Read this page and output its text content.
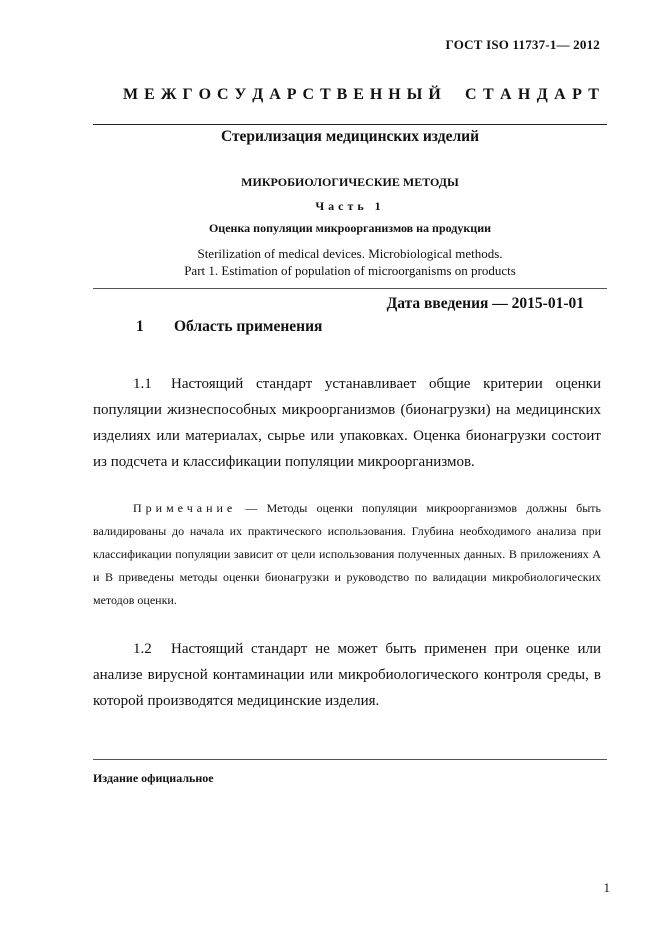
ГОСТ ISO 11737-1— 2012
М Е Ж Г О С У Д А Р С Т В Е Н Н Ы Й С Т А Н Д А Р Т
Стерилизация медицинских изделий
МИКРОБИОЛОГИЧЕСКИЕ МЕТОДЫ
Часть 1
Оценка популяции микроорганизмов на продукции
Sterilization of medical devices. Microbiological methods.
Part 1. Estimation of population of microorganisms on products
Дата введения — 2015-01-01
1 Область применения
1.1 Настоящий стандарт устанавливает общие критерии оценки популяции жизнеспособных микроорганизмов (бионагрузки) на медицинских изделиях или материалах, сырье или упаковках. Оценка бионагрузки состоит из подсчета и классификации популяции микроорганизмов.
Примечание — Методы оценки популяции микроорганизмов должны быть валидированы до начала их практического использования. Глубина необходимого анализа при классификации популяции зависит от цели использования полученных данных. В приложениях А и В приведены методы оценки бионагрузки и руководство по валидации микробиологических методов оценки.
1.2 Настоящий стандарт не может быть применен при оценке или анализе вирусной контаминации или микробиологического контроля среды, в которой производятся медицинские изделия.
Издание официальное
1
